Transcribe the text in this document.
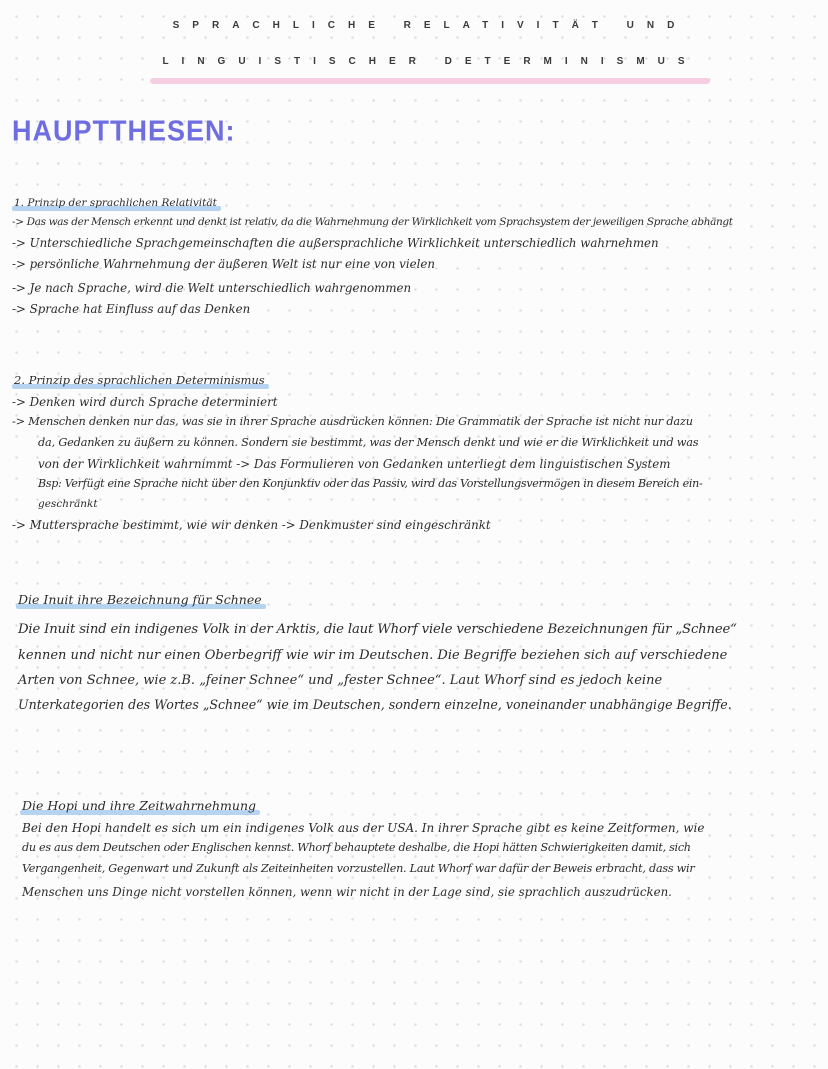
SPRACHLICHE RELATIVITÄT UND
LINGUISTISCHER DETERMINISMUS
HAUPTTHESEN:
1. Prinzip der sprachlichen Relativität
-> Das was der Mensch erkennt und denkt ist relativ, da die Wahrnehmung der Wirklichkeit vom Sprachsystem der jeweiligen Sprache abhängt
-> Unterschiedliche Sprachgemeinschaften die außersprachliche Wirklichkeit unterschiedlich wahrnehmen
-> persönliche Wahrnehmung der äußeren Welt ist nur eine von vielen
-> Je nach Sprache, wird die Welt unterschiedlich wahrgenommen
-> Sprache hat Einfluss auf das Denken
2. Prinzip des sprachlichen Determinismus
-> Denken wird durch Sprache determiniert
-> Menschen denken nur das, was sie in ihrer Sprache ausdrücken können: Die Grammatik der Sprache ist nicht nur dazu
da, Gedanken zu äußern zu können. Sondern sie bestimmt, was der Mensch denkt und wie er die Wirklichkeit und was
von der Wirklichkeit wahrnimmt -> Das Formulieren von Gedanken unterliegt dem linguistischen System
Bsp: Verfügt eine Sprache nicht über den Konjunktiv oder das Passiv, wird das Vorstellungsvermögen in diesem Bereich ein-
geschränkt
-> Muttersprache bestimmt, wie wir denken -> Denkmuster sind eingeschränkt
Die Inuit ihre Bezeichnung für Schnee
Die Inuit sind ein indigenes Volk in der Arktis, die laut Whorf viele verschiedene Bezeichnungen für „Schnee“
kennen und nicht nur einen Oberbegriff wie wir im Deutschen. Die Begriffe beziehen sich auf verschiedene
Arten von Schnee, wie z.B. „feiner Schnee“ und „fester Schnee“. Laut Whorf sind es jedoch keine
Unterkategorien des Wortes „Schnee“ wie im Deutschen, sondern einzelne, voneinander unabhängige Begriffe.
Die Hopi und ihre Zeitwahrnehmung
Bei den Hopi handelt es sich um ein indigenes Volk aus der USA. In ihrer Sprache gibt es keine Zeitformen, wie
du es aus dem Deutschen oder Englischen kennst. Whorf behauptete deshalbe, die Hopi hätten Schwierigkeiten damit, sich
Vergangenheit, Gegenwart und Zukunft als Zeiteinheiten vorzustellen. Laut Whorf war dafür der Beweis erbracht, dass wir
Menschen uns Dinge nicht vorstellen können, wenn wir nicht in der Lage sind, sie sprachlich auszudrücken.
